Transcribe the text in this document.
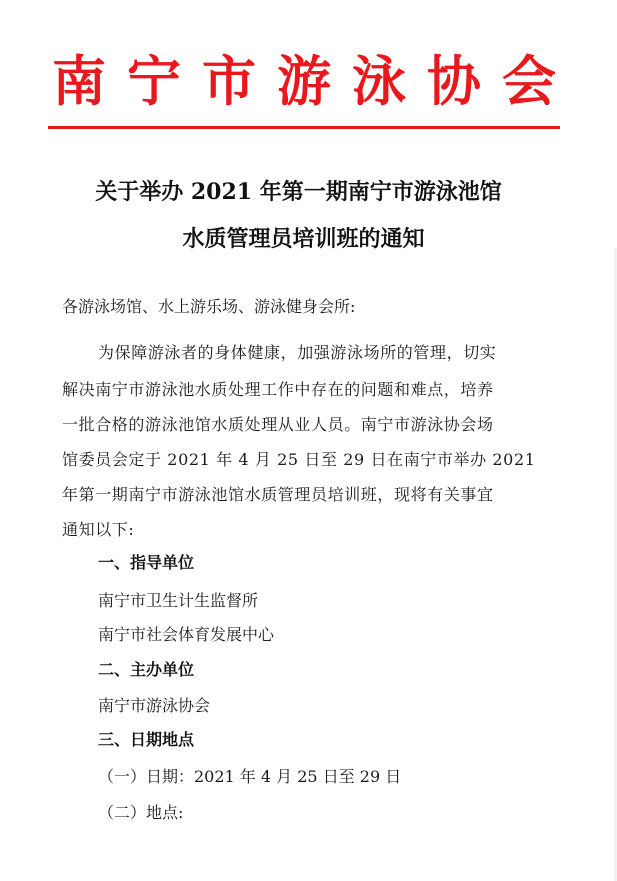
南宁市游泳协会
关于举办 2021 年第一期南宁市游泳池馆
水质管理员培训班的通知
各游泳场馆、水上游乐场、游泳健身会所:
为保障游泳者的身体健康，加强游泳场所的管理，切实
解决南宁市游泳池水质处理工作中存在的问题和难点，培养
一批合格的游泳池馆水质处理从业人员。南宁市游泳协会场
馆委员会定于 2021 年 4 月 25 日至 29 日在南宁市举办 2021
年第一期南宁市游泳池馆水质管理员培训班，现将有关事宜
通知以下:
一、指导单位
南宁市卫生计生监督所
南宁市社会体育发展中心
二、主办单位
南宁市游泳协会
三、日期地点
（一）日期：2021 年 4 月 25 日至 29 日
（二）地点:
